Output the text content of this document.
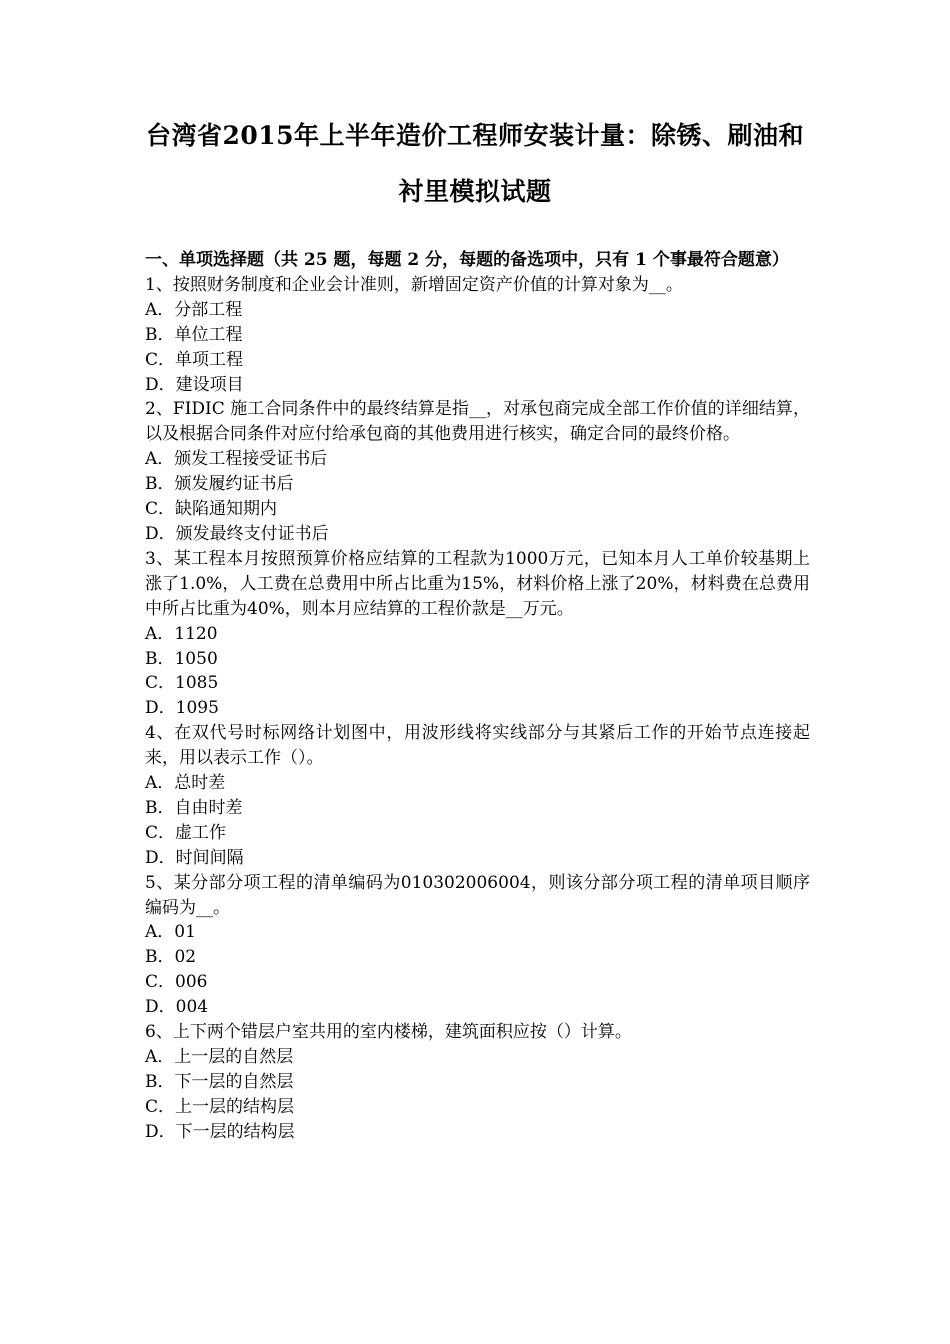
台湾省2015年上半年造价工程师安装计量：除锈、刷油和
衬里模拟试题
一、单项选择题（共 25 题，每题 2 分，每题的备选项中，只有 1 个事最符合题意）
1、按照财务制度和企业会计准则，新增固定资产价值的计算对象为__。
A．分部工程
B．单位工程
C．单项工程
D．建设项目
2、FIDIC 施工合同条件中的最终结算是指__，对承包商完成全部工作价值的详细结算，以及根据合同条件对应付给承包商的其他费用进行核实，确定合同的最终价格。
A．颁发工程接受证书后
B．颁发履约证书后
C．缺陷通知期内
D．颁发最终支付证书后
3、某工程本月按照预算价格应结算的工程款为1000万元，已知本月人工单价较基期上涨了1.0%，人工费在总费用中所占比重为15%，材料价格上涨了20%，材料费在总费用中所占比重为40%，则本月应结算的工程价款是__万元。
A．1120
B．1050
C．1085
D．1095
4、在双代号时标网络计划图中，用波形线将实线部分与其紧后工作的开始节点连接起来，用以表示工作（）。
A．总时差
B．自由时差
C．虚工作
D．时间间隔
5、某分部分项工程的清单编码为010302006004，则该分部分项工程的清单项目顺序编码为__。
A．01
B．02
C．006
D．004
6、上下两个错层户室共用的室内楼梯，建筑面积应按（）计算。
A．上一层的自然层
B．下一层的自然层
C．上一层的结构层
D．下一层的结构层
